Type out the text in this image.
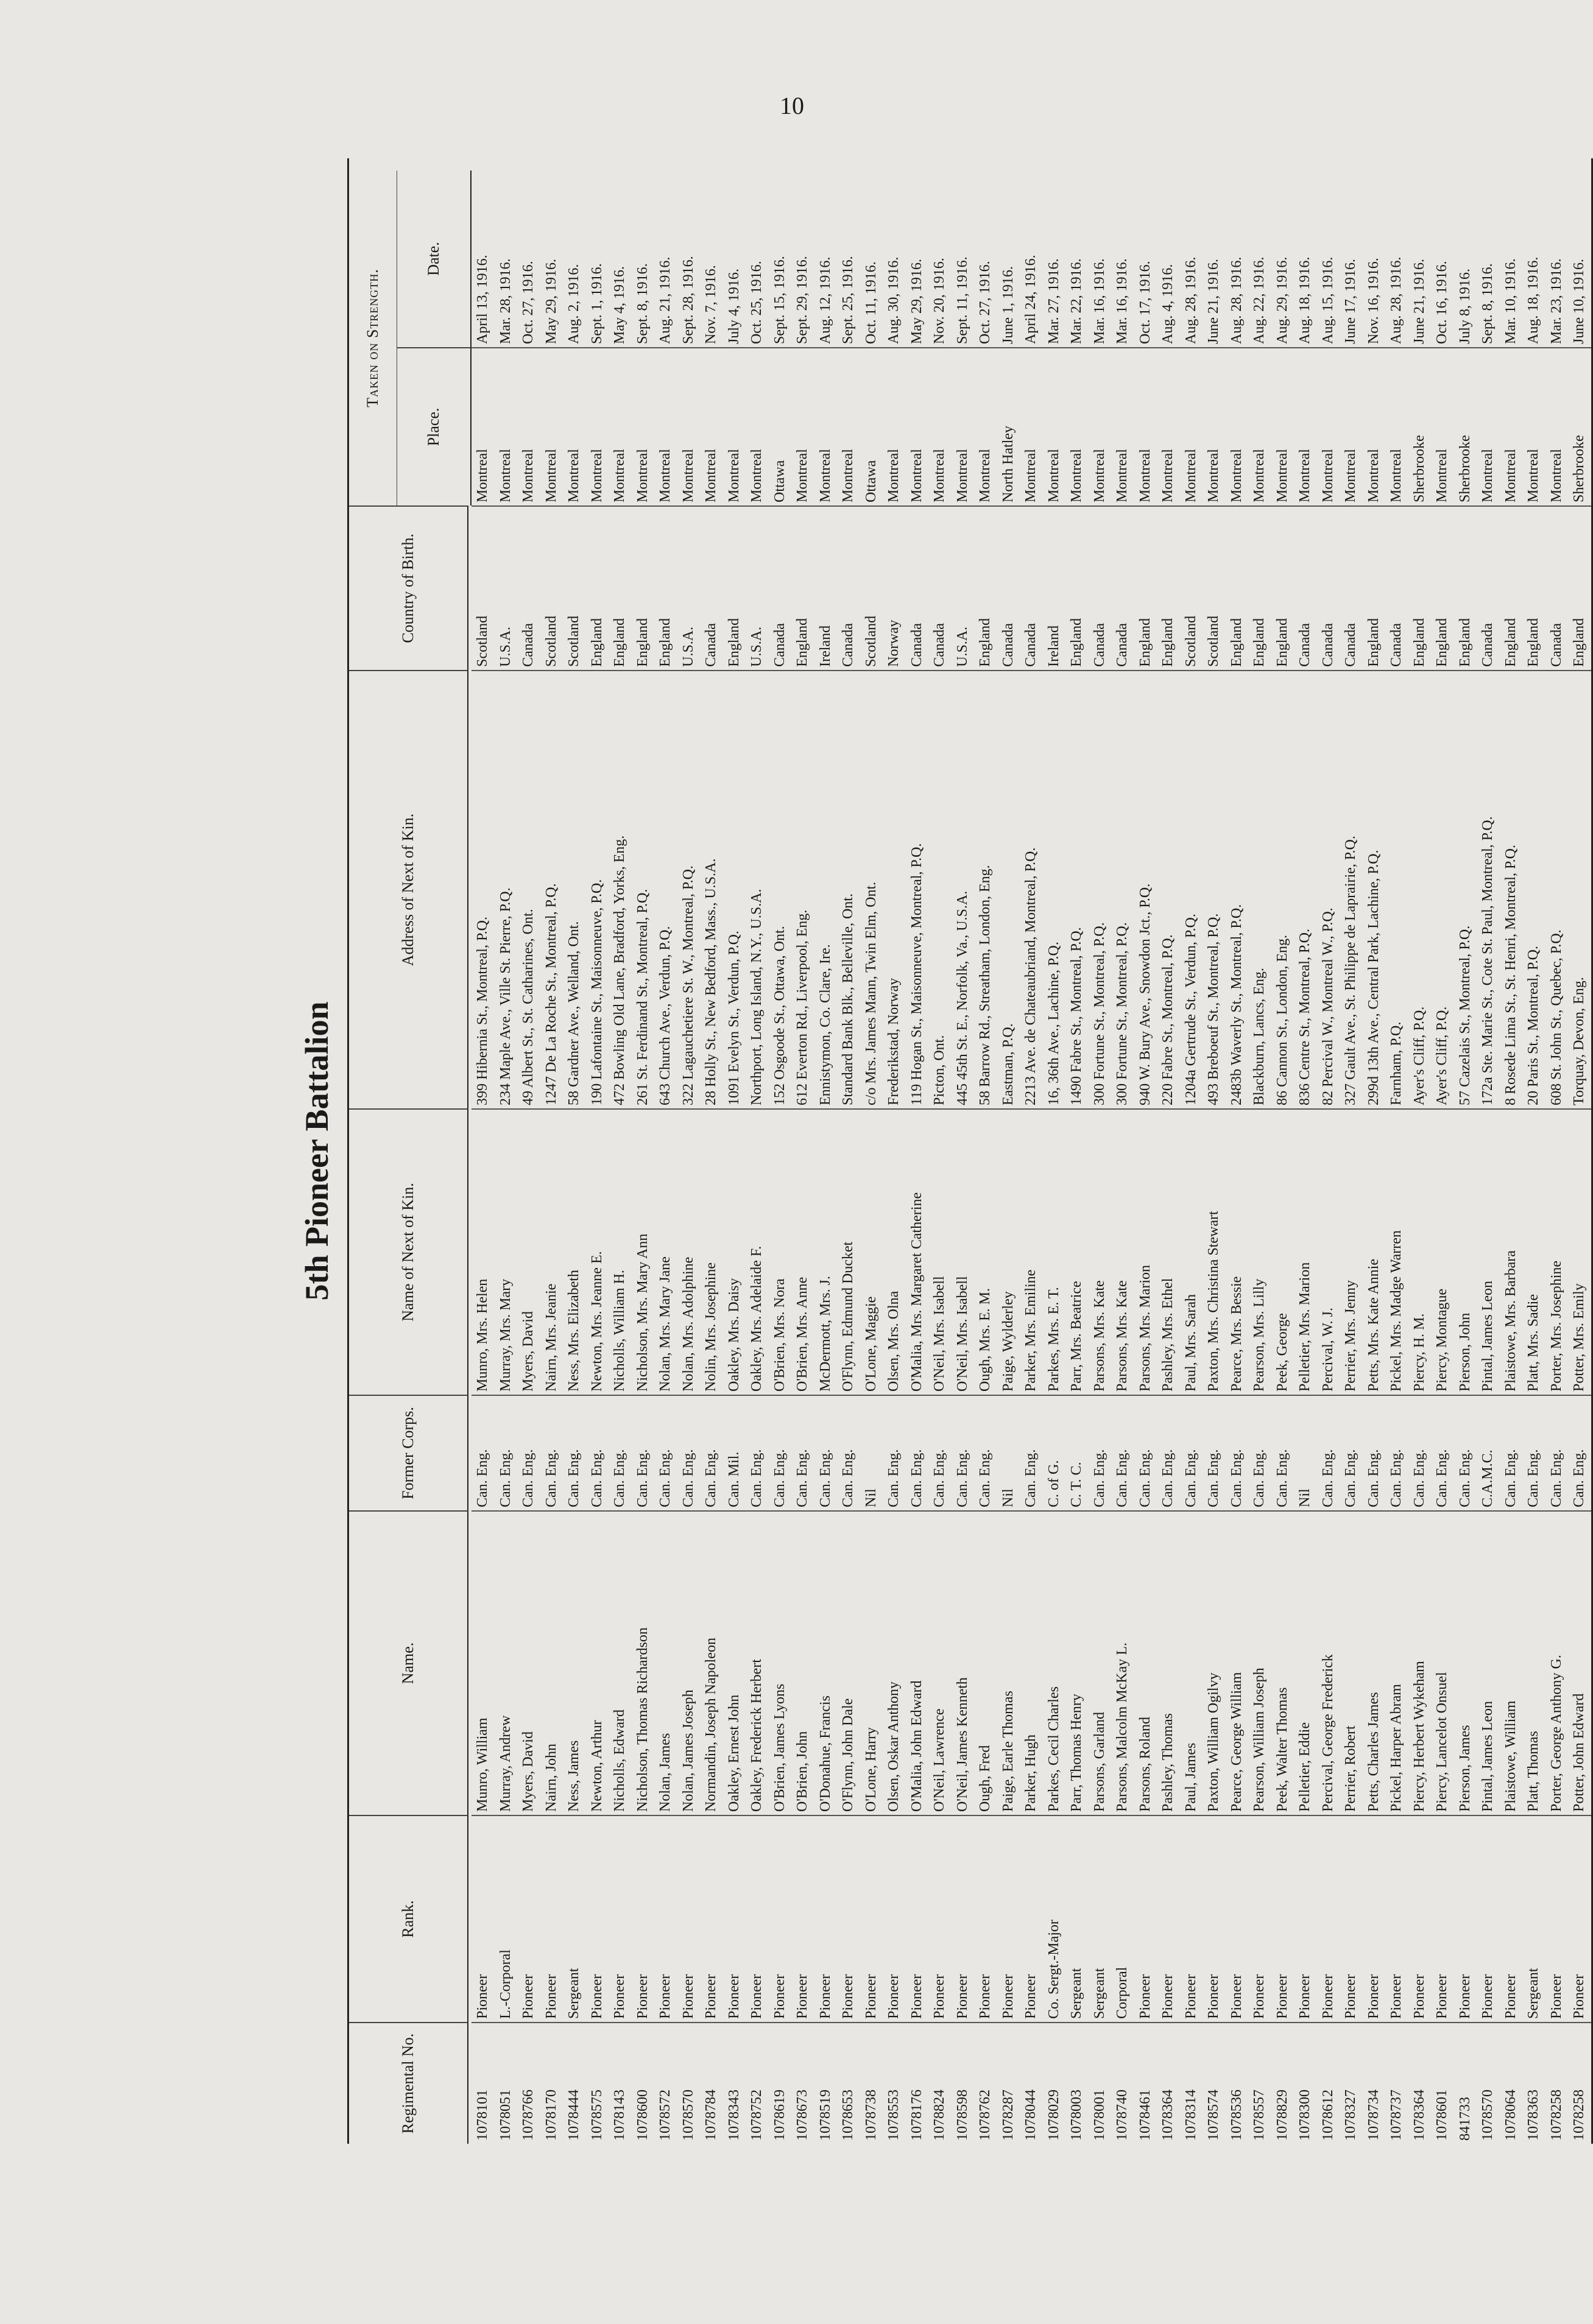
10
5th Pioneer Battalion
Regimental No.
Rank.
Name.
Former Corps.
Name of Next of Kin.
Address of Next of Kin.
Country of Birth.
Taken on Strength.
Place.
Date.
1078101
Pioneer
Munro, William
Can. Eng.
Munro, Mrs. Helen
399 Hibernia St., Montreal, P.Q.
Scotland
Montreal
April 13, 1916.
1078051
L.-Corporal
Murray, Andrew
Can. Eng.
Murray, Mrs. Mary
234 Maple Ave., Ville St. Pierre, P.Q.
U.S.A.
Montreal
Mar. 28, 1916.
1078766
Pioneer
Myers, David
Can. Eng.
Myers, David
49 Albert St., St. Catharines, Ont.
Canada
Montreal
Oct. 27, 1916.
1078170
Pioneer
Nairn, John
Can. Eng.
Nairn, Mrs. Jeanie
1247 De La Roche St., Montreal, P.Q.
Scotland
Montreal
May 29, 1916.
1078444
Sergeant
Ness, James
Can. Eng.
Ness, Mrs. Elizabeth
58 Gardner Ave., Welland, Ont.
Scotland
Montreal
Aug. 2, 1916.
1078575
Pioneer
Newton, Arthur
Can. Eng.
Newton, Mrs. Jeanne E.
190 Lafontaine St., Maisonneuve, P.Q.
England
Montreal
Sept. 1, 1916.
1078143
Pioneer
Nicholls, Edward
Can. Eng.
Nicholls, William H.
472 Bowling Old Lane, Bradford, Yorks, Eng.
England
Montreal
May 4, 1916.
1078600
Pioneer
Nicholson, Thomas Richardson
Can. Eng.
Nicholson, Mrs. Mary Ann
261 St. Ferdinand St., Montreal, P.Q.
England
Montreal
Sept. 8, 1916.
1078572
Pioneer
Nolan, James
Can. Eng.
Nolan, Mrs. Mary Jane
643 Church Ave., Verdun, P.Q.
England
Montreal
Aug. 21, 1916.
1078570
Pioneer
Nolan, James Joseph
Can. Eng.
Nolan, Mrs. Adolphine
322 Lagauchetiere St. W., Montreal, P.Q.
U.S.A.
Montreal
Sept. 28, 1916.
1078784
Pioneer
Normandin, Joseph Napoleon
Can. Eng.
Nolin, Mrs. Josephine
28 Holly St., New Bedford, Mass., U.S.A.
Canada
Montreal
Nov. 7, 1916.
1078343
Pioneer
Oakley, Ernest John
Can. Mil.
Oakley, Mrs. Daisy
1091 Evelyn St., Verdun, P.Q.
England
Montreal
July 4, 1916.
1078752
Pioneer
Oakley, Frederick Herbert
Can. Eng.
Oakley, Mrs. Adelaide F.
Northport, Long Island, N.Y., U.S.A.
U.S.A.
Montreal
Oct. 25, 1916.
1078619
Pioneer
O'Brien, James Lyons
Can. Eng.
O'Brien, Mrs. Nora
152 Osgoode St., Ottawa, Ont.
Canada
Ottawa
Sept. 15, 1916.
1078673
Pioneer
O'Brien, John
Can. Eng.
O'Brien, Mrs. Anne
612 Everton Rd., Liverpool, Eng.
England
Montreal
Sept. 29, 1916.
1078519
Pioneer
O'Donahue, Francis
Can. Eng.
McDermott, Mrs. J.
Ennistymon, Co. Clare, Ire.
Ireland
Montreal
Aug. 12, 1916.
1078653
Pioneer
O'Flynn, John Dale
Can. Eng.
O'Flynn, Edmund Ducket
Standard Bank Blk., Belleville, Ont.
Canada
Montreal
Sept. 25, 1916.
1078738
Pioneer
O'Lone, Harry
Nil
O'Lone, Maggie
c/o Mrs. James Mann, Twin Elm, Ont.
Scotland
Ottawa
Oct. 11, 1916.
1078553
Pioneer
Olsen, Oskar Anthony
Can. Eng.
Olsen, Mrs. Olna
Frederikstad, Norway
Norway
Montreal
Aug. 30, 1916.
1078176
Pioneer
O'Malia, John Edward
Can. Eng.
O'Malia, Mrs. Margaret Catherine
119 Hogan St., Maisonneuve, Montreal, P.Q.
Canada
Montreal
May 29, 1916.
1078824
Pioneer
O'Neil, Lawrence
Can. Eng.
O'Neil, Mrs. Isabell
Picton, Ont.
Canada
Montreal
Nov. 20, 1916.
1078598
Pioneer
O'Neil, James Kenneth
Can. Eng.
O'Neil, Mrs. Isabell
445 45th St. E., Norfolk, Va., U.S.A.
U.S.A.
Montreal
Sept. 11, 1916.
1078762
Pioneer
Ough, Fred
Can. Eng.
Ough, Mrs. E. M.
58 Barrow Rd., Streatham, London, Eng.
England
Montreal
Oct. 27, 1916.
1078287
Pioneer
Paige, Earle Thomas
Nil
Paige, Wylderley
Eastman, P.Q.
Canada
North Hatley
June 1, 1916.
1078044
Pioneer
Parker, Hugh
Can. Eng.
Parker, Mrs. Emiline
2213 Ave. de Chateaubriand, Montreal, P.Q.
Canada
Montreal
April 24, 1916.
1078029
Co. Sergt.-Major
Parkes, Cecil Charles
C. of G.
Parkes, Mrs. E. T.
16, 36th Ave., Lachine, P.Q.
Ireland
Montreal
Mar. 27, 1916.
1078003
Sergeant
Parr, Thomas Henry
C. T. C.
Parr, Mrs. Beatrice
1490 Fabre St., Montreal, P.Q.
England
Montreal
Mar. 22, 1916.
1078001
Sergeant
Parsons, Garland
Can. Eng.
Parsons, Mrs. Kate
300 Fortune St., Montreal, P.Q.
Canada
Montreal
Mar. 16, 1916.
1078740
Corporal
Parsons, Malcolm McKay L.
Can. Eng.
Parsons, Mrs. Kate
300 Fortune St., Montreal, P.Q.
Canada
Montreal
Mar. 16, 1916.
1078461
Pioneer
Parsons, Roland
Can. Eng.
Parsons, Mrs. Marion
940 W. Bury Ave., Snowdon Jct., P.Q.
England
Montreal
Oct. 17, 1916.
1078364
Pioneer
Pashley, Thomas
Can. Eng.
Pashley, Mrs. Ethel
220 Fabre St., Montreal, P.Q.
England
Montreal
Aug. 4, 1916.
1078314
Pioneer
Paul, James
Can. Eng.
Paul, Mrs. Sarah
1204a Gertrude St., Verdun, P.Q.
Scotland
Montreal
Aug. 28, 1916.
1078574
Pioneer
Paxton, William Ogilvy
Can. Eng.
Paxton, Mrs. Christina Stewart
493 Breboeuf St., Montreal, P.Q.
Scotland
Montreal
June 21, 1916.
1078536
Pioneer
Pearce, George William
Can. Eng.
Pearce, Mrs. Bessie
2483b Waverly St., Montreal, P.Q.
England
Montreal
Aug. 28, 1916.
1078557
Pioneer
Pearson, William Joseph
Can. Eng.
Pearson, Mrs. Lilly
Blackburn, Lancs, Eng.
England
Montreal
Aug. 22, 1916.
1078829
Pioneer
Peek, Walter Thomas
Can. Eng.
Peek, George
86 Cannon St., London, Eng.
England
Montreal
Aug. 29, 1916.
1078300
Pioneer
Pelletier, Eddie
Nil
Pelletier, Mrs. Marion
836 Centre St., Montreal, P.Q.
Canada
Montreal
Aug. 18, 1916.
1078612
Pioneer
Percival, George Frederick
Can. Eng.
Percival, W. J.
82 Percival W., Montreal W., P.Q.
Canada
Montreal
Aug. 15, 1916.
1078327
Pioneer
Perrier, Robert
Can. Eng.
Perrier, Mrs. Jenny
327 Gault Ave., St. Philippe de Laprairie, P.Q.
Canada
Montreal
June 17, 1916.
1078734
Pioneer
Petts, Charles James
Can. Eng.
Petts, Mrs. Kate Annie
299d 13th Ave., Central Park, Lachine, P.Q.
England
Montreal
Nov. 16, 1916.
1078737
Pioneer
Pickel, Harper Abram
Can. Eng.
Pickel, Mrs. Madge Warren
Farnham, P.Q.
Canada
Montreal
Aug. 28, 1916.
1078364
Pioneer
Piercy, Herbert Wykeham
Can. Eng.
Piercy, H. M.
Ayer's Cliff, P.Q.
England
Sherbrooke
June 21, 1916.
1078601
Pioneer
Piercy, Lancelot Onsuel
Can. Eng.
Piercy, Montague
Ayer's Cliff, P.Q.
England
Montreal
Oct. 16, 1916.
841733
Pioneer
Pierson, James
Can. Eng.
Pierson, John
57 Cazelais St., Montreal, P.Q.
England
Sherbrooke
July 8, 1916.
1078570
Pioneer
Pintal, James Leon
C.A.M.C.
Pintal, James Leon
172a Ste. Marie St., Cote St. Paul, Montreal, P.Q.
Canada
Montreal
Sept. 8, 1916.
1078064
Pioneer
Plaistowe, William
Can. Eng.
Plaistowe, Mrs. Barbara
8 Rosede Lima St., St. Henri, Montreal, P.Q.
England
Montreal
Mar. 10, 1916.
1078363
Sergeant
Platt, Thomas
Can. Eng.
Platt, Mrs. Sadie
20 Paris St., Montreal, P.Q.
England
Montreal
Aug. 18, 1916.
1078258
Pioneer
Porter, George Anthony G.
Can. Eng.
Porter, Mrs. Josephine
608 St. John St., Quebec, P.Q.
Canada
Montreal
Mar. 23, 1916.
1078258
Pioneer
Potter, John Edward
Can. Eng.
Potter, Mrs. Emily
Torquay, Devon, Eng.
England
Sherbrooke
June 10, 1916.
